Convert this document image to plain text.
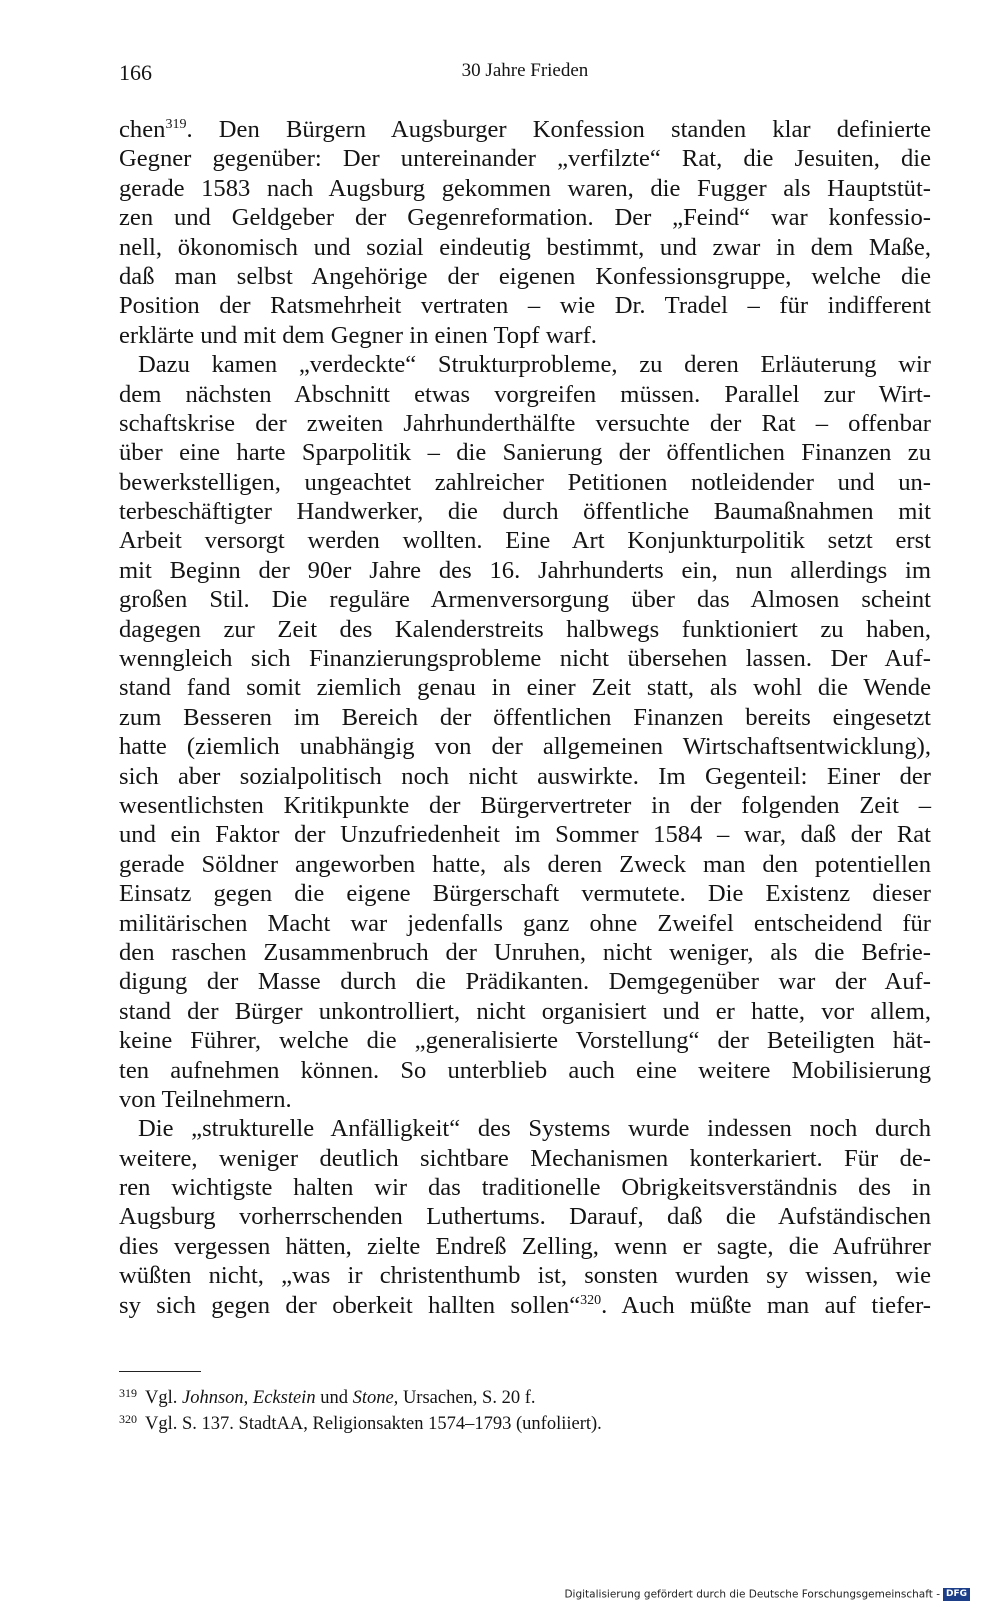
166	30 Jahre Frieden
chen$^{319}$. Den Bürgern Augsburger Konfession standen klar definierte
Gegner gegenüber: Der untereinander „verfilzte“ Rat, die Jesuiten, die
gerade 1583 nach Augsburg gekommen waren, die Fugger als Hauptstüt-
zen und Geldgeber der Gegenreformation. Der „Feind“ war konfessio-
nell, ökonomisch und sozial eindeutig bestimmt, und zwar in dem Maße,
daß man selbst Angehörige der eigenen Konfessionsgruppe, welche die
Position der Ratsmehrheit vertraten – wie Dr. Tradel – für indifferent
erklärte und mit dem Gegner in einen Topf warf.
Dazu kamen „verdeckte“ Strukturprobleme, zu deren Erläuterung wir
dem nächsten Abschnitt etwas vorgreifen müssen. Parallel zur Wirt-
schaftskrise der zweiten Jahrhunderthälfte versuchte der Rat – offenbar
über eine harte Sparpolitik – die Sanierung der öffentlichen Finanzen zu
bewerkstelligen, ungeachtet zahlreicher Petitionen notleidender und un-
terbeschäftigter Handwerker, die durch öffentliche Baumaßnahmen mit
Arbeit versorgt werden wollten. Eine Art Konjunkturpolitik setzt erst
mit Beginn der 90er Jahre des 16. Jahrhunderts ein, nun allerdings im
großen Stil. Die reguläre Armenversorgung über das Almosen scheint
dagegen zur Zeit des Kalenderstreits halbwegs funktioniert zu haben,
wenngleich sich Finanzierungsprobleme nicht übersehen lassen. Der Auf-
stand fand somit ziemlich genau in einer Zeit statt, als wohl die Wende
zum Besseren im Bereich der öffentlichen Finanzen bereits eingesetzt
hatte (ziemlich unabhängig von der allgemeinen Wirtschaftsentwicklung),
sich aber sozialpolitisch noch nicht auswirkte. Im Gegenteil: Einer der
wesentlichsten Kritikpunkte der Bürgervertreter in der folgenden Zeit –
und ein Faktor der Unzufriedenheit im Sommer 1584 – war, daß der Rat
gerade Söldner angeworben hatte, als deren Zweck man den potentiellen
Einsatz gegen die eigene Bürgerschaft vermutete. Die Existenz dieser
militärischen Macht war jedenfalls ganz ohne Zweifel entscheidend für
den raschen Zusammenbruch der Unruhen, nicht weniger, als die Befrie-
digung der Masse durch die Prädikanten. Demgegenüber war der Auf-
stand der Bürger unkontrolliert, nicht organisiert und er hatte, vor allem,
keine Führer, welche die „generalisierte Vorstellung“ der Beteiligten hät-
ten aufnehmen können. So unterblieb auch eine weitere Mobilisierung
von Teilnehmern.
Die „strukturelle Anfälligkeit“ des Systems wurde indessen noch durch
weitere, weniger deutlich sichtbare Mechanismen konterkariert. Für de-
ren wichtigste halten wir das traditionelle Obrigkeitsverständnis des in
Augsburg vorherrschenden Luthertums. Darauf, daß die Aufständischen
dies vergessen hätten, zielte Endreß Zelling, wenn er sagte, die Aufrührer
wüßten nicht, „was ir christenthumb ist, sonsten wurden sy wissen, wie
sy sich gegen der oberkeit hallten sollen“$^{320}$. Auch müßte man auf tiefer-
319 Vgl. Johnson, Eckstein und Stone, Ursachen, S. 20 f.
320 Vgl. S. 137. StadtAA, Religionsakten 1574–1793 (unfoliiert).
Digitalisierung gefördert durch die Deutsche Forschungsgemeinschaft - DFG
